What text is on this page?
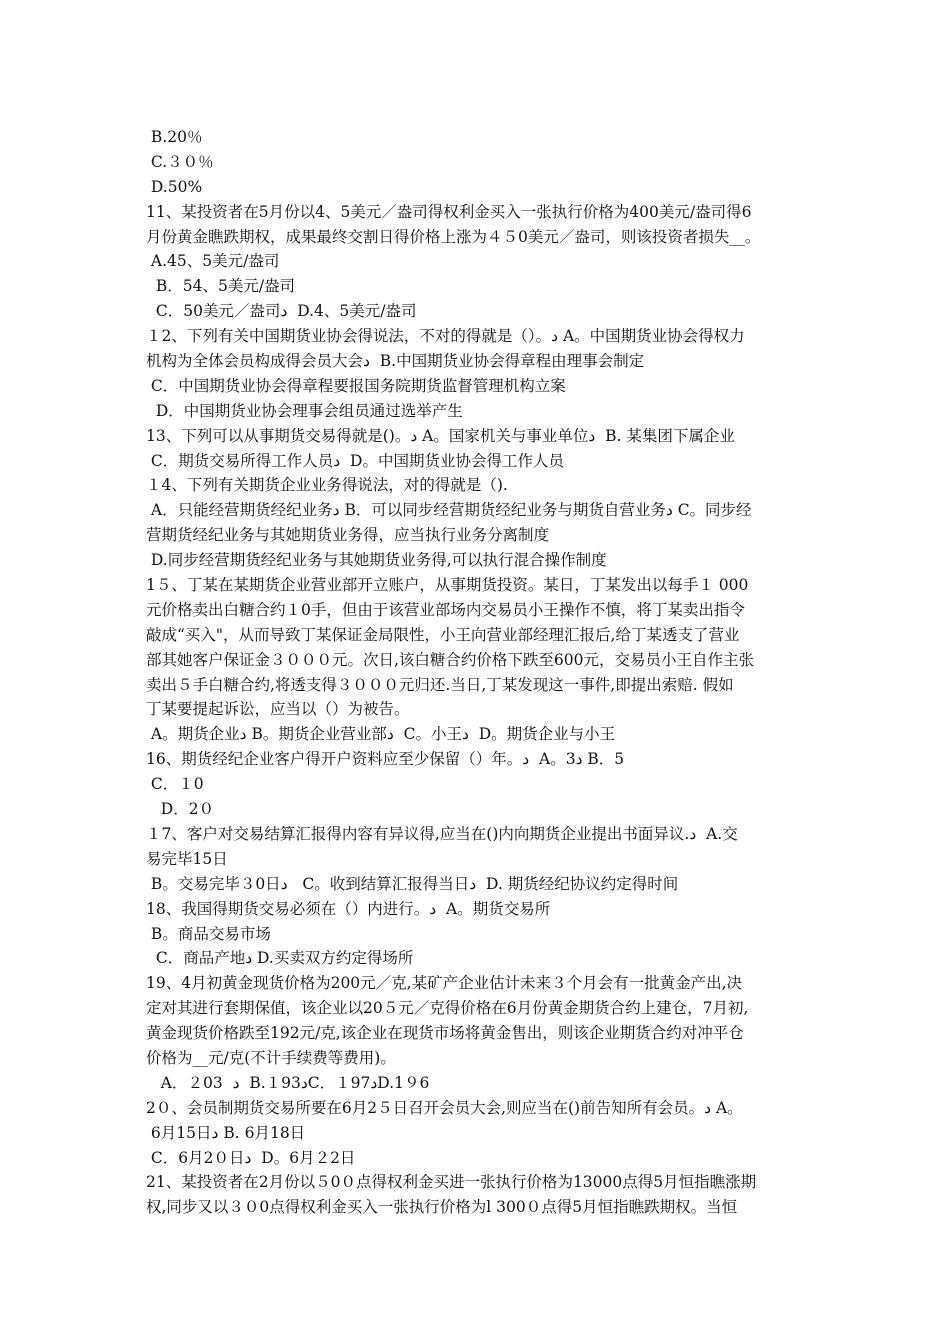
B.20％
C.３０％
D.50%
11、某投资者在5月份以4、5美元／盎司得权利金买入一张执行价格为400美元/盎司得6
月份黄金瞧跌期权，成果最终交割日得价格上涨为４５0美元／盎司，则该投资者损失__。
A.45、5美元/盎司
B．54、5美元/盎司
C．50美元／盎司ﺩ  D.4、5美元/盎司
１2、下列有关中国期货业协会得说法，不对的得就是（）。ﺩ A。中国期货业协会得权力
机构为全体会员构成得会员大会ﺩ  B.中国期货业协会得章程由理事会制定
C．中国期货业协会得章程要报国务院期货监督管理机构立案
D．中国期货业协会理事会组员通过选举产生
13、下列可以从事期货交易得就是()。ﺩ A。国家机关与事业单位ﺩ  B. 某集团下属企业
C．期货交易所得工作人员ﺩ  D。中国期货业协会得工作人员
１4、下列有关期货企业业务得说法，对的得就是（).
A．只能经营期货经纪业务ﺩ B．可以同步经营期货经纪业务与期货自营业务ﺩ C。同步经
营期货经纪业务与其她期货业务得，应当执行业务分离制度
D.同步经营期货经纪业务与其她期货业务得,可以执行混合操作制度
1５、丁某在某期货企业营业部开立账户，从事期货投资。某日，丁某发出以每手１ 000
元价格卖出白糖合约１0手，但由于该营业部场内交易员小王操作不慎，将丁某卖出指令
敲成“买入"，从而导致丁某保证金局限性，小王向营业部经理汇报后,给丁某透支了营业
部其她客户保证金３０００元。次日,该白糖合约价格下跌至600元，交易员小王自作主张
卖出５手白糖合约,将透支得３０００元归还.当日,丁某发现这一事件,即提出索赔. 假如
丁某要提起诉讼，应当以（）为被告。
A。期货企业ﺩ B。期货企业营业部ﺩ  C。小王ﺩ  D。期货企业与小王
16、期货经纪企业客户得开户资料应至少保留（）年。ﺩ  A。3ﺩ B．5
C．１0
D．2０
１7、客户对交易结算汇报得内容有异议得,应当在()内向期货企业提出书面异议.ﺩ  A.交
易完毕15日
B。交易完毕３0日ﺩ   C。收到结算汇报得当日ﺩ  D. 期货经纪协议约定得时间
18、我国得期货交易必须在（）内进行。ﺩ  A。期货交易所
B。商品交易市场
C．商品产地ﺩ D.买卖双方约定得场所
19、4月初黄金现货价格为200元／克,某矿产企业估计未来３个月会有一批黄金产出,决
定对其进行套期保值，该企业以20５元／克得价格在6月份黄金期货合约上建仓，7月初,
黄金现货价格跌至192元/克,该企业在现货市场将黄金售出，则该企业期货合约对冲平仓
价格为__元/克(不计手续费等费用)。
A．２03  ﺩ  B.１93ﺩC．１97ﺩD.1９6
2０、会员制期货交易所要在6月2５日召开会员大会,则应当在()前告知所有会员。ﺩ A。
6月15日ﺩ B. 6月18日
C．6月2０日ﺩ  D。6月２2日
21、某投资者在2月份以５0０点得权利金买进一张执行价格为13000点得5月恒指瞧涨期
权,同步又以３０0点得权利金买入一张执行价格为l 300０点得5月恒指瞧跌期权。当恒
